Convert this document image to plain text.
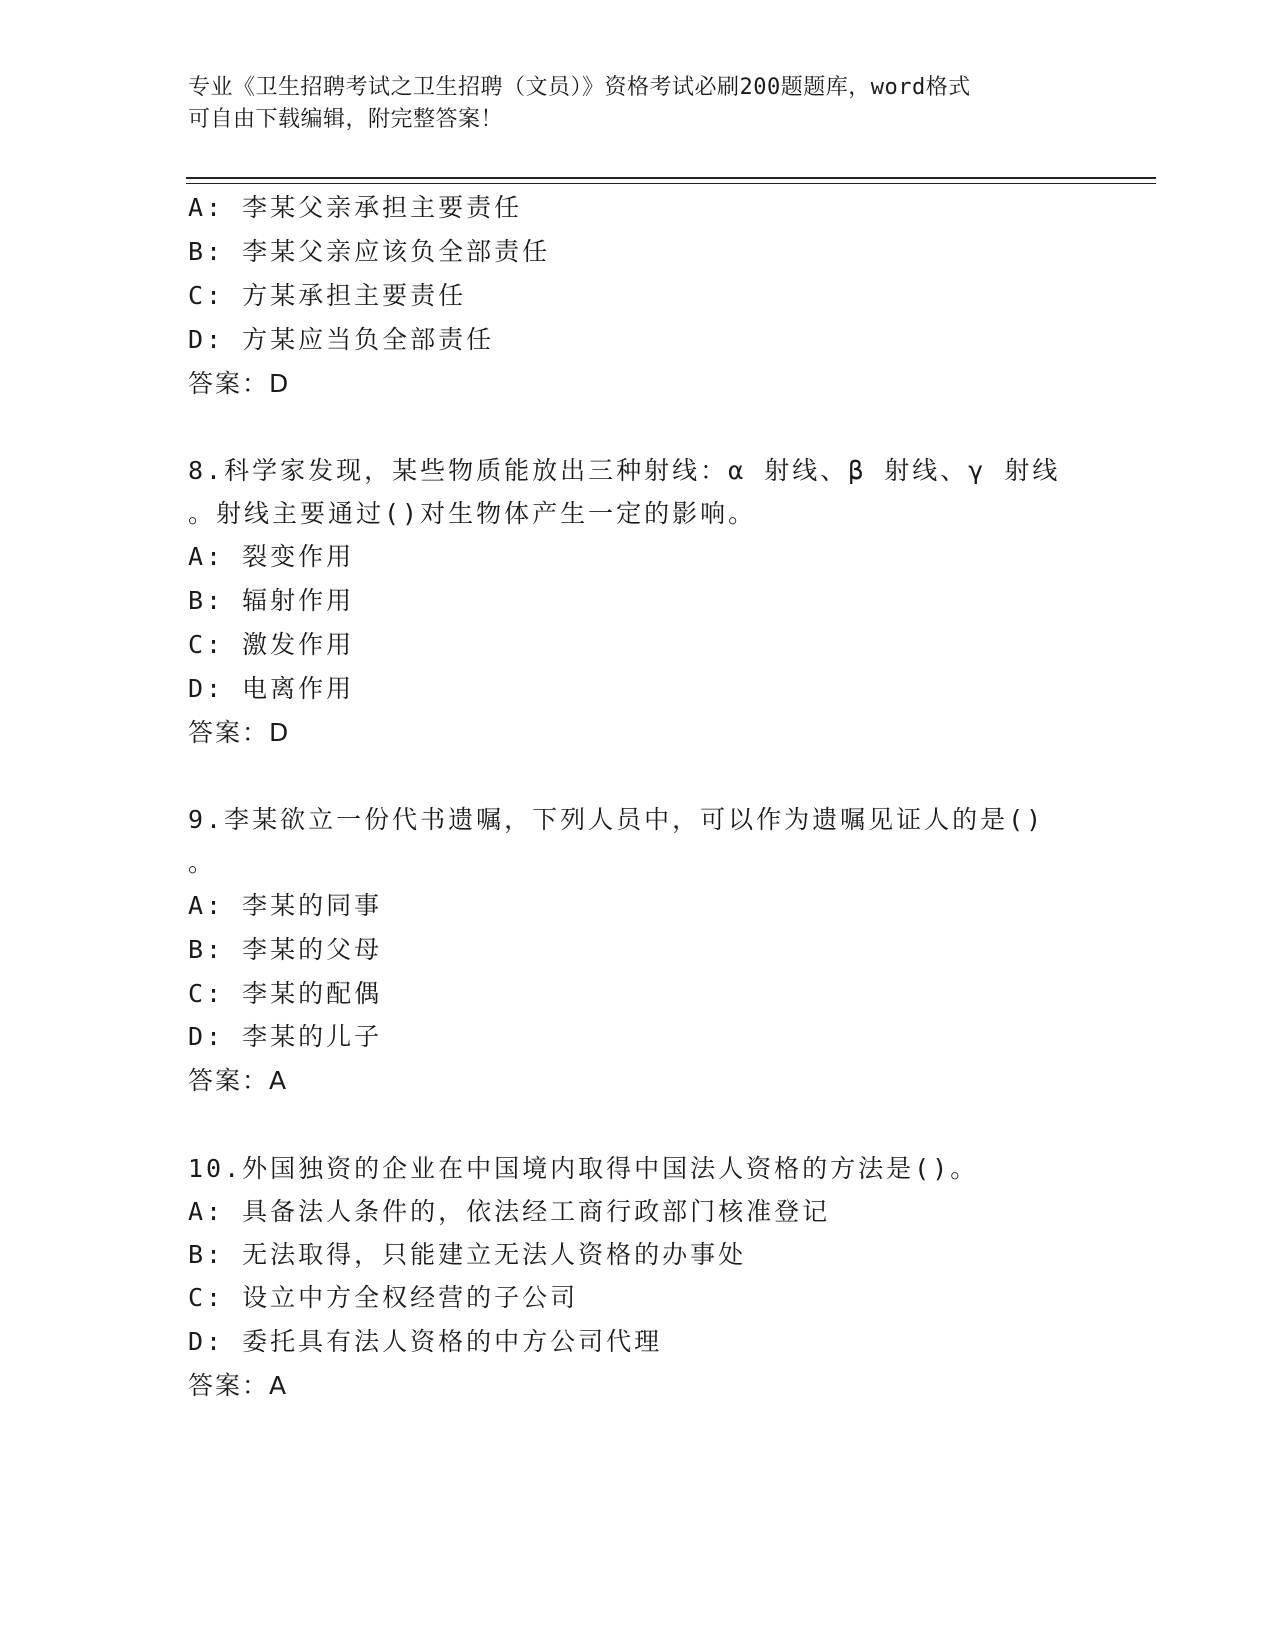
专业《卫生招聘考试之卫生招聘（文员）》资格考试必刷200题题库，word格式
可自由下载编辑，附完整答案！
A: 李某父亲承担主要责任
B: 李某父亲应该负全部责任
C: 方某承担主要责任
D: 方某应当负全部责任
答案：D
8.科学家发现，某些物质能放出三种射线：α 射线、β 射线、γ 射线
。射线主要通过()对生物体产生一定的影响。
A: 裂变作用
B: 辐射作用
C: 激发作用
D: 电离作用
答案：D
9.李某欲立一份代书遗嘱，下列人员中，可以作为遗嘱见证人的是()
。
A: 李某的同事
B: 李某的父母
C: 李某的配偶
D: 李某的儿子
答案：A
10.外国独资的企业在中国境内取得中国法人资格的方法是()。
A: 具备法人条件的，依法经工商行政部门核准登记
B: 无法取得，只能建立无法人资格的办事处
C: 设立中方全权经营的子公司
D: 委托具有法人资格的中方公司代理
答案：A
